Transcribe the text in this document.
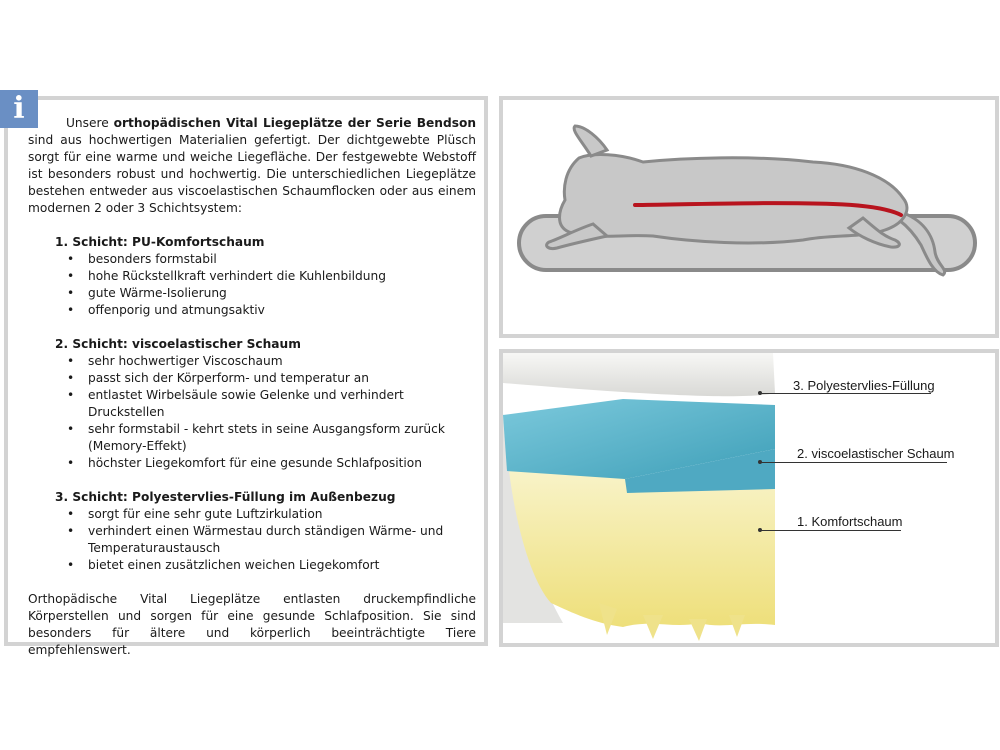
Unsere orthopädischen Vital Liegeplätze der Serie Bendson sind aus hochwertigen Materialien gefertigt. Der dichtgewebte Plüsch sorgt für eine warme und weiche Liegefläche. Der festgewebte Webstoff ist besonders robust und hochwertig. Die unterschiedlichen Liegeplätze bestehen entweder aus viscoelastischen Schaumflocken oder aus einem modernen 2 oder 3 Schichtsystem:

1. Schicht: PU-Komfortschaum

• besonders formstabil
• hohe Rückstellkraft verhindert die Kuhlenbildung
• gute Wärme-Isolierung
• offenporig und atmungsaktiv

2. Schicht: viscoelastischer Schaum

• sehr hochwertiger Viscoschaum
• passt sich der Körperform- und temperatur an
• entlastet Wirbelsäule sowie Gelenke und verhindert Druckstellen
• sehr formstabil - kehrt stets in seine Ausgangsform zurück (Memory-Effekt)
• höchster Liegekomfort für eine gesunde Schlafposition

3. Schicht: Polyestervlies-Füllung im Außenbezug

• sorgt für eine sehr gute Luftzirkulation
• verhindert einen Wärmestau durch ständigen Wärme- und Temperaturaustausch
• bietet einen zusätzlichen weichen Liegekomfort

Orthopädische Vital Liegeplätze entlasten druckempfindliche Körperstellen und sorgen für eine gesunde Schlafposition. Sie sind besonders für ältere und körperlich beeinträchtigte Tiere empfehlenswert.

i
3. Polyestervlies-Füllung
2. viscoelastischer Schaum
1. Komfortschaum
